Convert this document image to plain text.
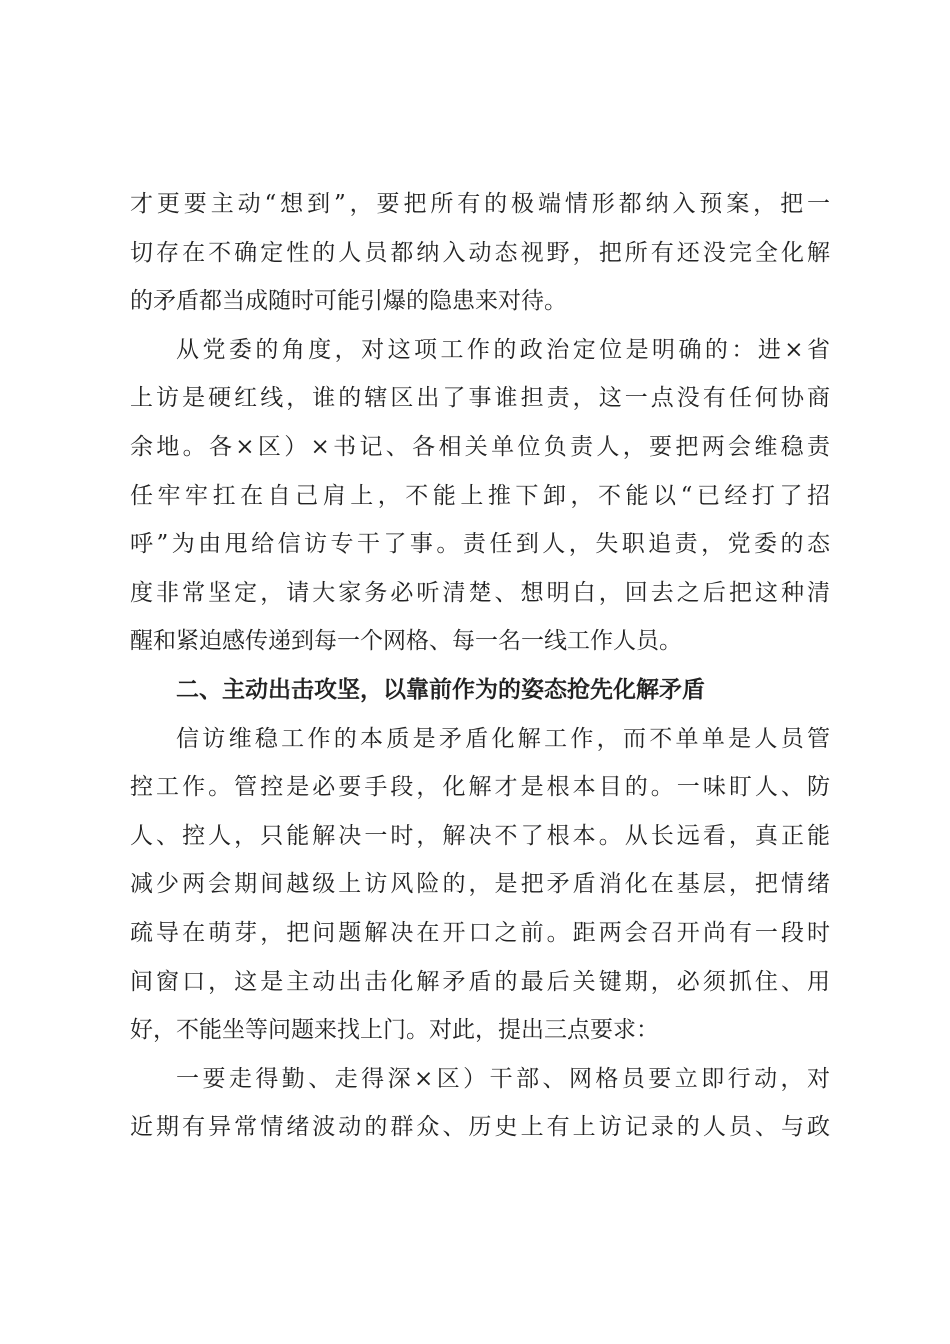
才更要主动“想到”，要把所有的极端情形都纳入预案，把一
切存在不确定性的人员都纳入动态视野，把所有还没完全化解
的矛盾都当成随时可能引爆的隐患来对待。
从党委的角度，对这项工作的政治定位是明确的：进×省
上访是硬红线，谁的辖区出了事谁担责，这一点没有任何协商
余地。各×区）×书记、各相关单位负责人，要把两会维稳责
任牢牢扛在自己肩上，不能上推下卸，不能以“已经打了招
呼”为由甩给信访专干了事。责任到人，失职追责，党委的态
度非常坚定，请大家务必听清楚、想明白，回去之后把这种清
醒和紧迫感传递到每一个网格、每一名一线工作人员。
二、主动出击攻坚，以靠前作为的姿态抢先化解矛盾
信访维稳工作的本质是矛盾化解工作，而不单单是人员管
控工作。管控是必要手段，化解才是根本目的。一味盯人、防
人、控人，只能解决一时，解决不了根本。从长远看，真正能
减少两会期间越级上访风险的，是把矛盾消化在基层，把情绪
疏导在萌芽，把问题解决在开口之前。距两会召开尚有一段时
间窗口，这是主动出击化解矛盾的最后关键期，必须抓住、用
好，不能坐等问题来找上门。对此，提出三点要求：
一要走得勤、走得深×区）干部、网格员要立即行动，对
近期有异常情绪波动的群众、历史上有上访记录的人员、与政
